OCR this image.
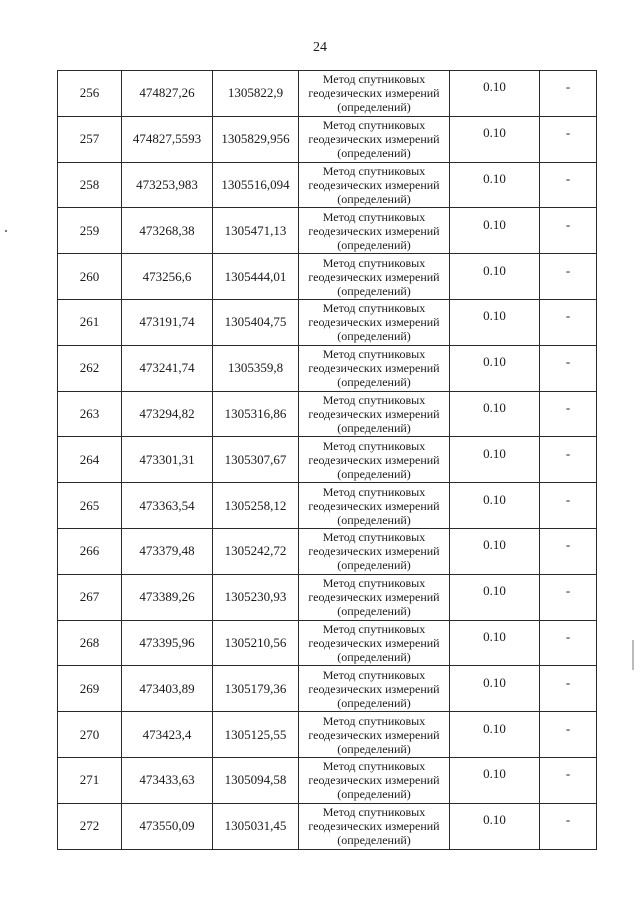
24
256	474827,26	1305822,9	Метод спутниковых
геодезических измерений
(определений)	0.10	-
257	474827,5593	1305829,956	Метод спутниковых
геодезических измерений
(определений)	0.10	-
258	473253,983	1305516,094	Метод спутниковых
геодезических измерений
(определений)	0.10	-
259	473268,38	1305471,13	Метод спутниковых
геодезических измерений
(определений)	0.10	-
260	473256,6	1305444,01	Метод спутниковых
геодезических измерений
(определений)	0.10	-
261	473191,74	1305404,75	Метод спутниковых
геодезических измерений
(определений)	0.10	-
262	473241,74	1305359,8	Метод спутниковых
геодезических измерений
(определений)	0.10	-
263	473294,82	1305316,86	Метод спутниковых
геодезических измерений
(определений)	0.10	-
264	473301,31	1305307,67	Метод спутниковых
геодезических измерений
(определений)	0.10	-
265	473363,54	1305258,12	Метод спутниковых
геодезических измерений
(определений)	0.10	-
266	473379,48	1305242,72	Метод спутниковых
геодезических измерений
(определений)	0.10	-
267	473389,26	1305230,93	Метод спутниковых
геодезических измерений
(определений)	0.10	-
268	473395,96	1305210,56	Метод спутниковых
геодезических измерений
(определений)	0.10	-
269	473403,89	1305179,36	Метод спутниковых
геодезических измерений
(определений)	0.10	-
270	473423,4	1305125,55	Метод спутниковых
геодезических измерений
(определений)	0.10	-
271	473433,63	1305094,58	Метод спутниковых
геодезических измерений
(определений)	0.10	-
272	473550,09	1305031,45	Метод спутниковых
геодезических измерений
(определений)	0.10	-
